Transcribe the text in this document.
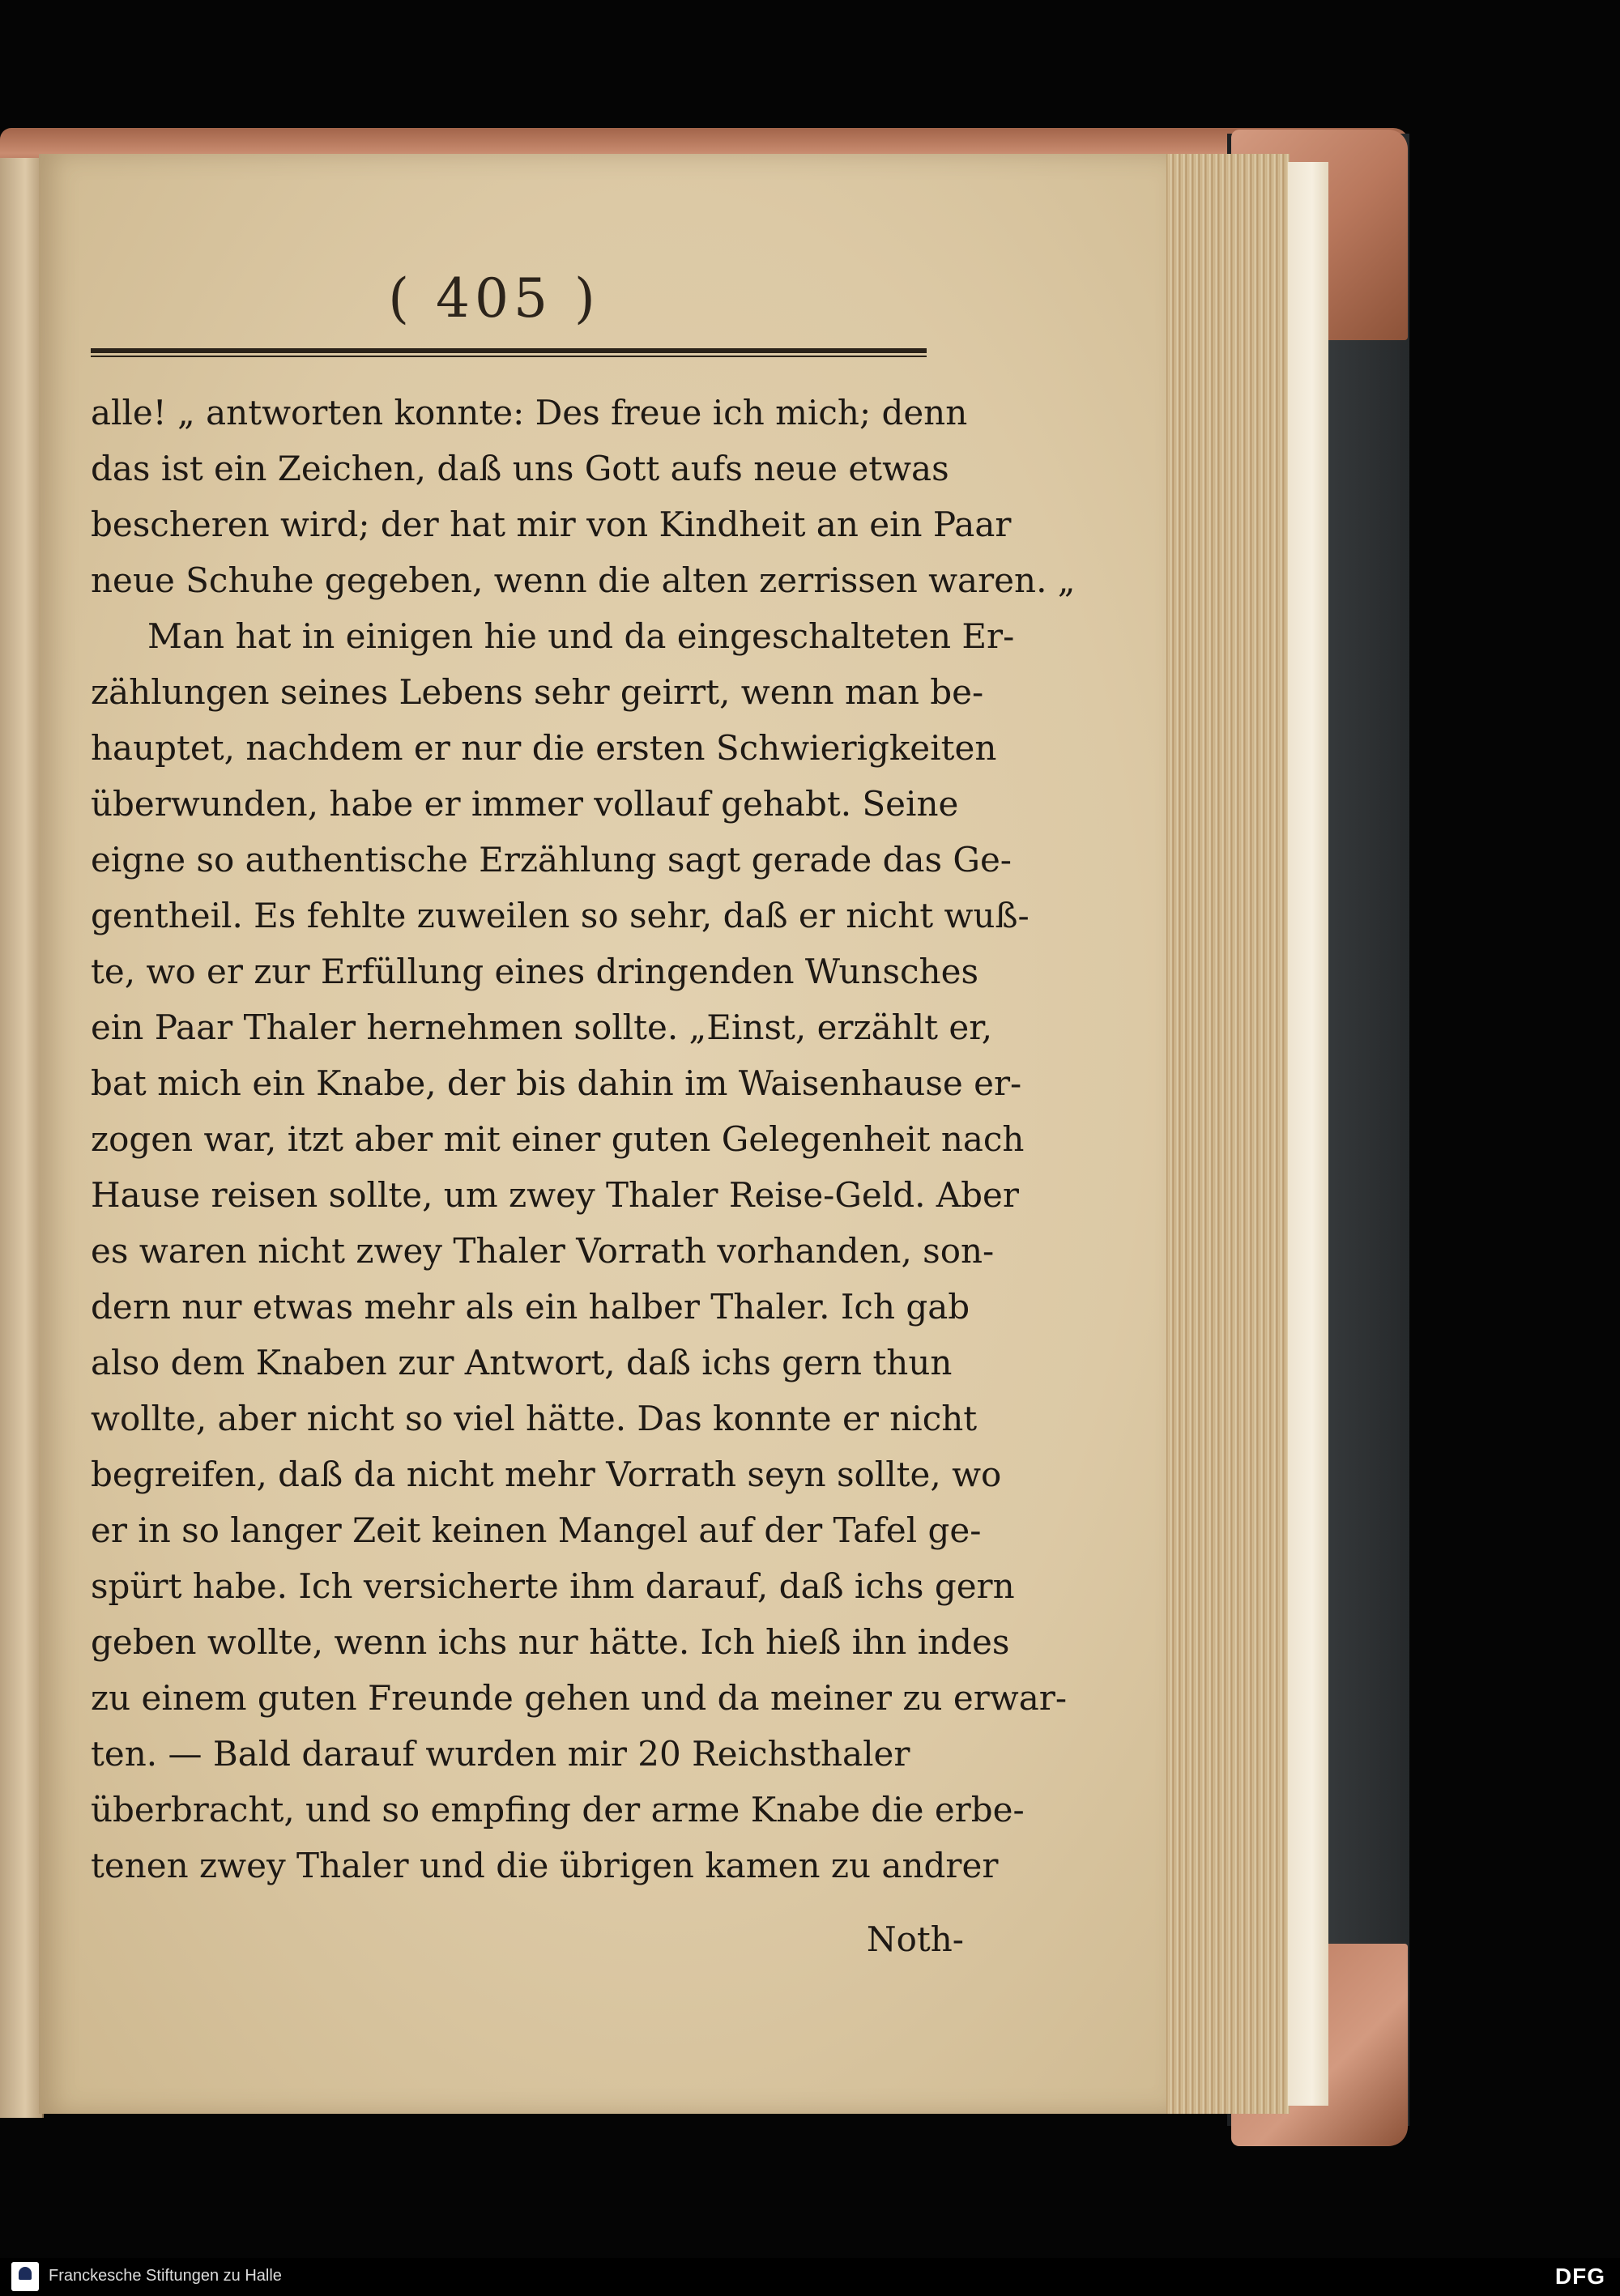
( 405 )
alle! „ antworten konnte: Des freue ich mich; denn
das ist ein Zeichen, daß uns Gott aufs neue etwas
bescheren wird; der hat mir von Kindheit an ein Paar
neue Schuhe gegeben, wenn die alten zerrissen waren. „
Man hat in einigen hie und da eingeschalteten Er-
zählungen seines Lebens sehr geirrt, wenn man be-
hauptet, nachdem er nur die ersten Schwierigkeiten
überwunden, habe er immer vollauf gehabt. Seine
eigne so authentische Erzählung sagt gerade das Ge-
gentheil. Es fehlte zuweilen so sehr, daß er nicht wuß-
te, wo er zur Erfüllung eines dringenden Wunsches
ein Paar Thaler hernehmen sollte. „Einst, erzählt er,
bat mich ein Knabe, der bis dahin im Waisenhause er-
zogen war, itzt aber mit einer guten Gelegenheit nach
Hause reisen sollte, um zwey Thaler Reise-Geld. Aber
es waren nicht zwey Thaler Vorrath vorhanden, son-
dern nur etwas mehr als ein halber Thaler. Ich gab
also dem Knaben zur Antwort, daß ichs gern thun
wollte, aber nicht so viel hätte. Das konnte er nicht
begreifen, daß da nicht mehr Vorrath seyn sollte, wo
er in so langer Zeit keinen Mangel auf der Tafel ge-
spürt habe. Ich versicherte ihm darauf, daß ichs gern
geben wollte, wenn ichs nur hätte. Ich hieß ihn indes
zu einem guten Freunde gehen und da meiner zu erwar-
ten. — Bald darauf wurden mir 20 Reichsthaler
überbracht, und so empfing der arme Knabe die erbe-
tenen zwey Thaler und die übrigen kamen zu andrer
Noth-
Franckesche Stiftungen zu Halle	DFG
